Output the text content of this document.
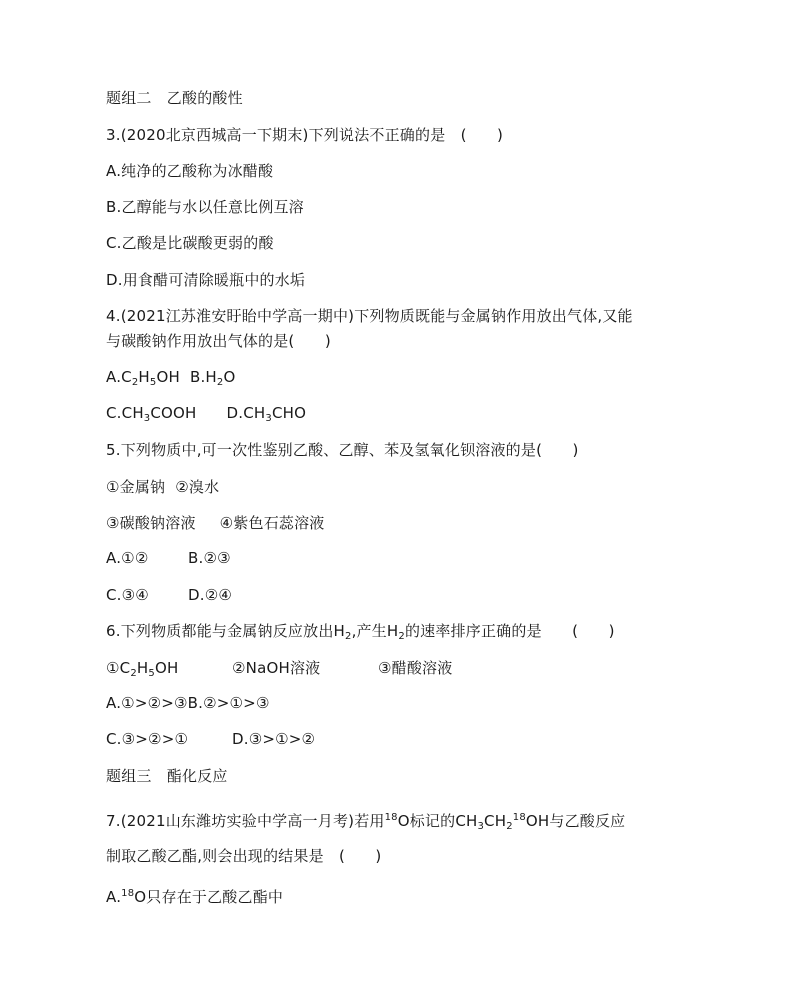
题组二　乙酸的酸性
3.(2020北京西城高一下期末)下列说法不正确的是　(　　)
A.纯净的乙酸称为冰醋酸
B.乙醇能与水以任意比例互溶
C.乙酸是比碳酸更弱的酸
D.用食醋可清除暖瓶中的水垢
4.(2021江苏淮安盱眙中学高一期中)下列物质既能与金属钠作用放出气体,又能
与碳酸钠作用放出气体的是(　　)
$A.C_2H_5OH$ $B.H_2O$
$C.CH_3COOH$ $D.CH_3CHO$
5.下列物质中,可一次性鉴别乙酸、乙醇、苯及氢氧化钡溶液的是(　　)
①金属钠 ②溴水
③碳酸钠溶液 ④紫色石蕊溶液
A.①②	B.②③
C.③④	D.②④
6.下列物质都能与金属钠反应放出$H_2$,产生$H_2$的速率排序正确的是　　(　　)
$①C_2H_5OH$	②NaOH溶液	③醋酸溶液
A.①>②>③B.②>①>③
C.③>②>①	D.③>①>②
题组三　酯化反应
7.(2021山东潍坊实验中学高一月考)若用$^{18}$O标记的$CH_3CH_2^{18}OH$与乙酸反应
制取乙酸乙酯,则会出现的结果是　(　　)
A.$^{18}$O只存在于乙酸乙酯中
